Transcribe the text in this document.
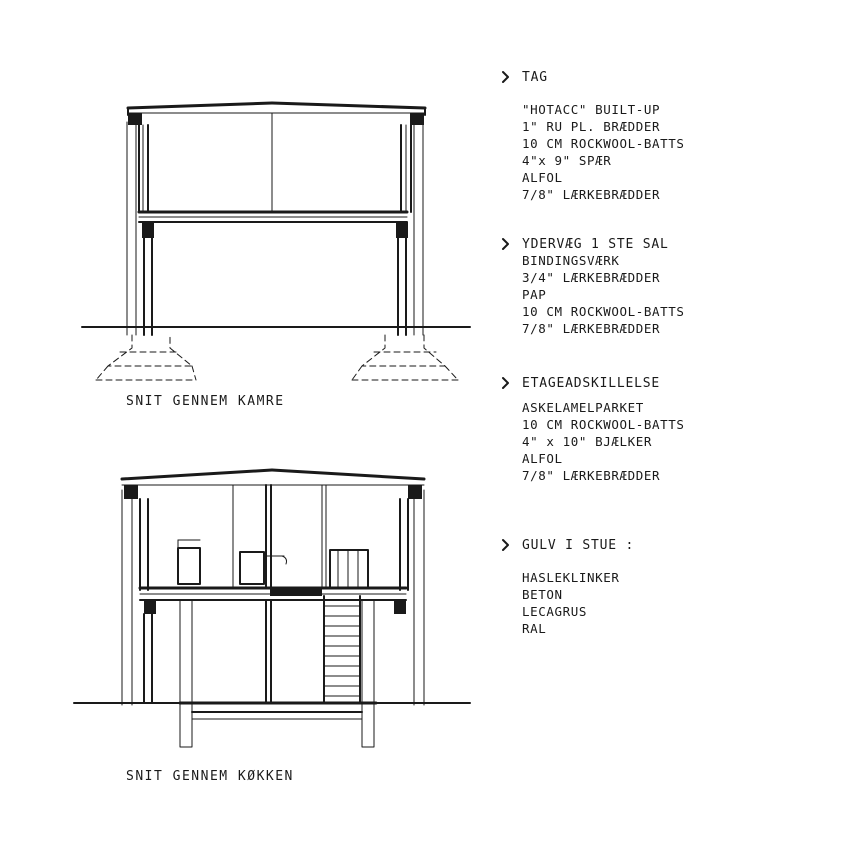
SNIT GENNEM KAMRE
SNIT GENNEM KØKKEN
TAG
"HOTACC" BUILT-UP
1" RU PL. BRÆDDER
10 CM ROCKWOOL-BATTS
4"x 9" SPÆR
ALFOL
7/8" LÆRKEBRÆDDER
YDERVÆG 1 STE SAL
BINDINGSVÆRK
3/4" LÆRKEBRÆDDER
PAP
10 CM ROCKWOOL-BATTS
7/8" LÆRKEBRÆDDER
ETAGEADSKILLELSE
ASKELAMELPARKET
10 CM ROCKWOOL-BATTS
4" x 10" BJÆLKER
ALFOL
7/8" LÆRKEBRÆDDER
GULV I STUE :
HASLEKLINKER
BETON
LECAGRUS
RAL
